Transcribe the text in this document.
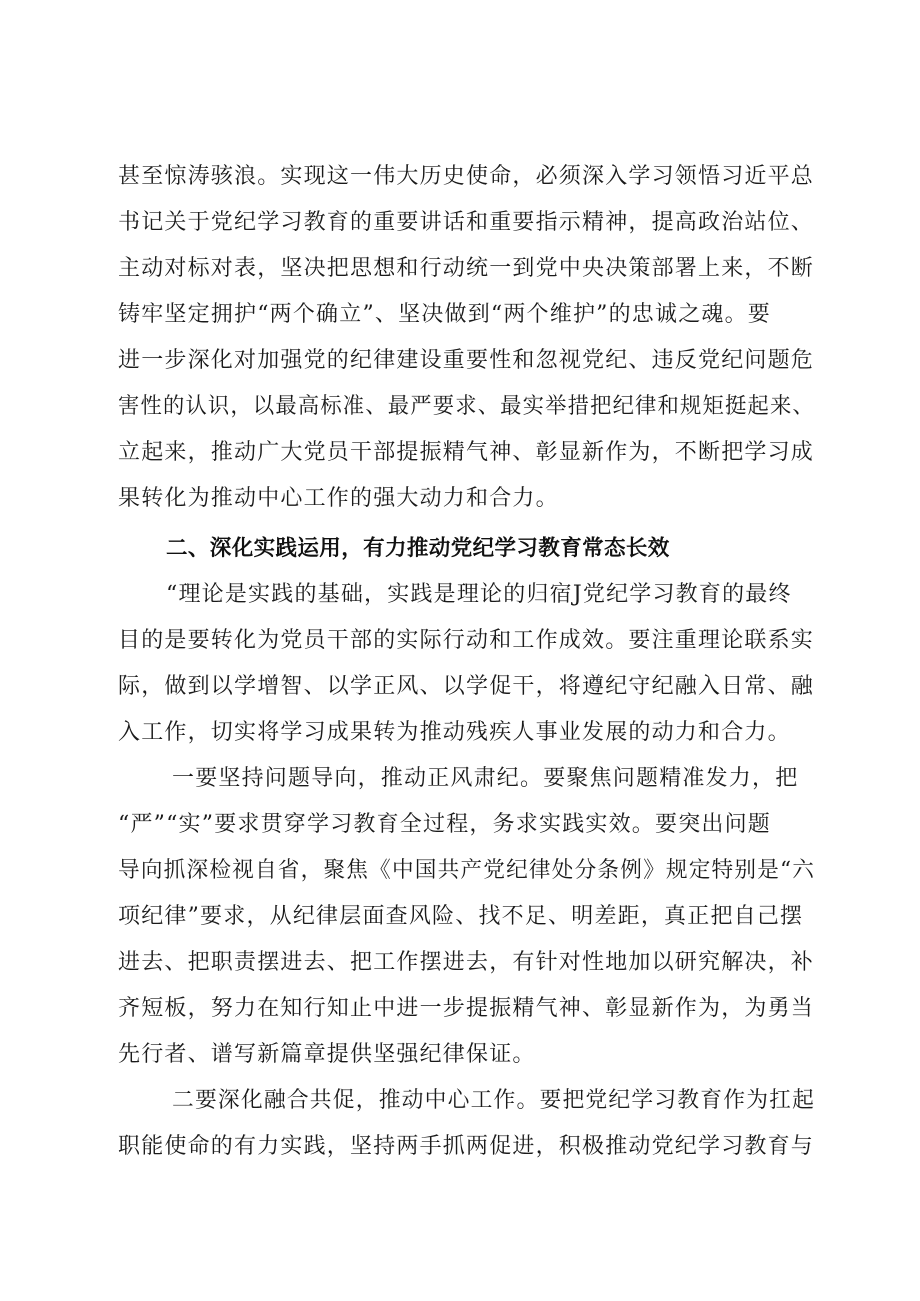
甚至惊涛骇浪。实现这一伟大历史使命，必须深入学习领悟习近平总
书记关于党纪学习教育的重要讲话和重要指示精神，提高政治站位、
主动对标对表，坚决把思想和行动统一到党中央决策部署上来，不断
铸牢坚定拥护“两个确立”、坚决做到“两个维护”的忠诚之魂。要
进一步深化对加强党的纪律建设重要性和忽视党纪、违反党纪问题危
害性的认识，以最高标准、最严要求、最实举措把纪律和规矩挺起来、
立起来，推动广大党员干部提振精气神、彰显新作为，不断把学习成
果转化为推动中心工作的强大动力和合力。
二、深化实践运用，有力推动党纪学习教育常态长效
“理论是实践的基础，实践是理论的归宿J党纪学习教育的最终
目的是要转化为党员干部的实际行动和工作成效。要注重理论联系实
际，做到以学增智、以学正风、以学促干，将遵纪守纪融入日常、融
入工作，切实将学习成果转为推动残疾人事业发展的动力和合力。
一要坚持问题导向，推动正风肃纪。要聚焦问题精准发力，把
“严”“实”要求贯穿学习教育全过程，务求实践实效。要突出问题
导向抓深检视自省，聚焦《中国共产党纪律处分条例》规定特别是“六
项纪律”要求，从纪律层面查风险、找不足、明差距，真正把自己摆
进去、把职责摆进去、把工作摆进去，有针对性地加以研究解决，补
齐短板，努力在知行知止中进一步提振精气神、彰显新作为，为勇当
先行者、谱写新篇章提供坚强纪律保证。
二要深化融合共促，推动中心工作。要把党纪学习教育作为扛起
职能使命的有力实践，坚持两手抓两促进，积极推动党纪学习教育与
